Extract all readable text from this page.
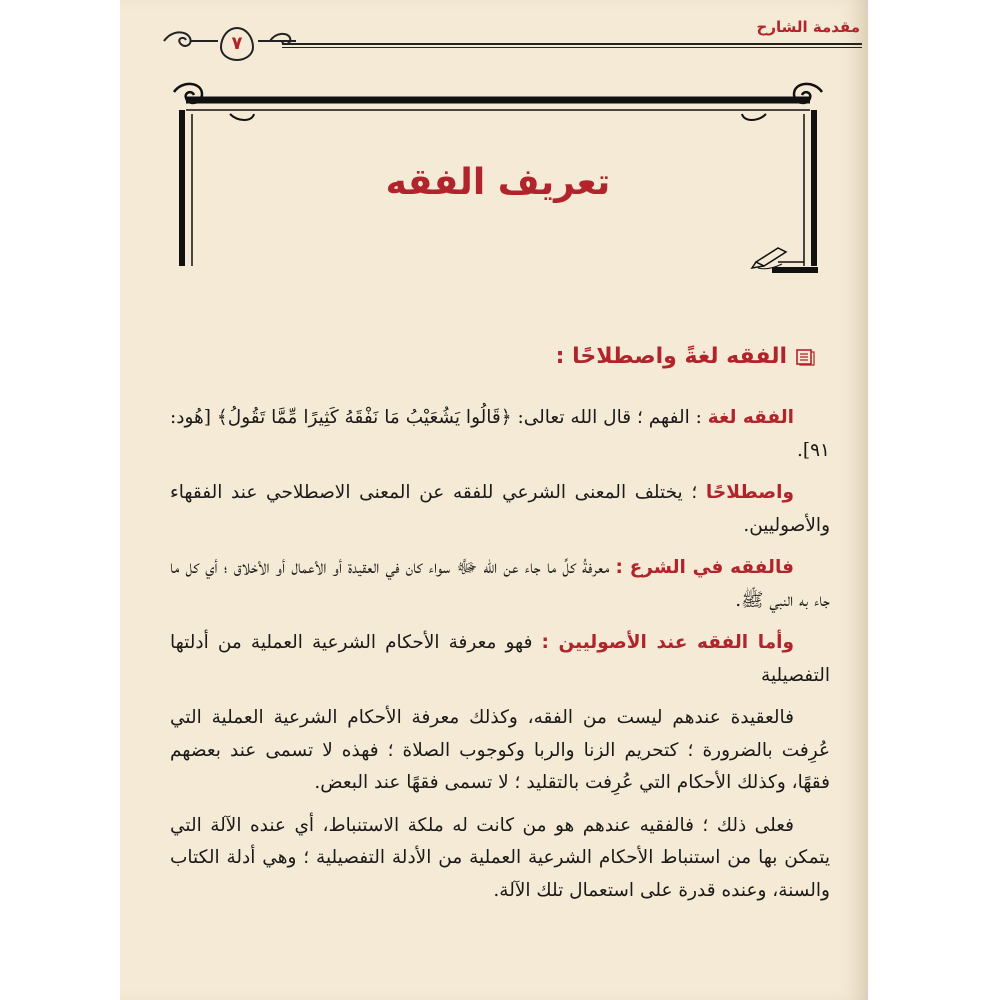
٧
مقدمة الشارح
تعريف الفقه
الفقه لغةً واصطلاحًا :

الفقه لغة : الفهم ؛ قال الله تعالى: ﴿قَالُوا يَشُعَيْبُ مَا نَفْقَهُ كَثِيرًا مِّمَّا تَقُولُ﴾ [هُود: ٩١].

واصطلاحًا ؛ يختلف المعنى الشرعي للفقه عن المعنى الاصطلاحي عند الفقهاء والأصوليين.

فالفقه في الشرع : معرفةُ كلِّ ما جاء عن الله ﷻ سواء كان في العقيدة أو الأعمال أو الأخلاق ؛ أي كل ما جاء به النبي ﷺ.

وأما الفقه عند الأصوليين : فهو معرفة الأحكام الشرعية العملية من أدلتها التفصيلية

فالعقيدة عندهم ليست من الفقه، وكذلك معرفة الأحكام الشرعية العملية التي عُرِفت بالضرورة ؛ كتحريم الزنا والربا وكوجوب الصلاة ؛ فهذه لا تسمى عند بعضهم فقهًا، وكذلك الأحكام التي عُرِفت بالتقليد ؛ لا تسمى فقهًا عند البعض.

فعلى ذلك ؛ فالفقيه عندهم هو من كانت له ملكة الاستنباط، أي عنده الآلة التي يتمكن بها من استنباط الأحكام الشرعية العملية من الأدلة التفصيلية ؛ وهي أدلة الكتاب والسنة، وعنده قدرة على استعمال تلك الآلة.
